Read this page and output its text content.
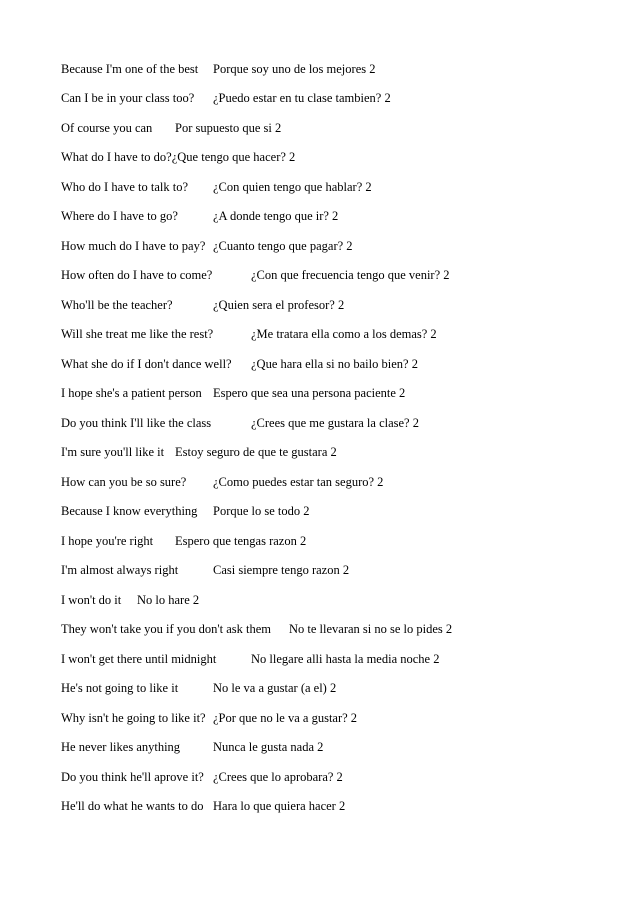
Because I'm one of the best Porque soy uno de los mejores 2
Can I be in your class too? ¿Puedo estar en tu clase tambien? 2
Of course you can Por supuesto que si 2
What do I have to do?¿Que tengo que hacer? 2
Who do I have to talk to? ¿Con quien tengo que hablar? 2
Where do I have to go?	¿A donde tengo que ir? 2
How much do I have to pay? ¿Cuanto tengo que pagar? 2
How often do I have to come?	¿Con que frecuencia tengo que venir? 2
Who'll be the teacher?	¿Quien sera el profesor? 2
Will she treat me like the rest?	¿Me tratara ella como a los demas? 2
What she do if I don't dance well? ¿Que hara ella si no bailo bien? 2
I hope she's a patient person Espero que sea una persona paciente 2
Do you think I'll like the class	¿Crees que me gustara la clase? 2
I'm sure you'll like it Estoy seguro de que te gustara 2
How can you be so sure? ¿Como puedes estar tan seguro? 2
Because I know everything Porque lo se todo 2
I hope you're right Espero que tengas razon 2
I'm almost always right	Casi siempre tengo razon 2
I won't do it No lo hare 2
They won't take you if you don't ask them No te llevaran si no se lo pides 2
I won't get there until midnight	No llegare alli hasta la media noche 2
He's not going to like it	No le va a gustar (a el) 2
Why isn't he going to like it? ¿Por que no le va a gustar? 2
He never likes anything	Nunca le gusta nada 2
Do you think he'll aprove it? ¿Crees que lo aprobara? 2
He'll do what he wants to do Hara lo que quiera hacer 2
